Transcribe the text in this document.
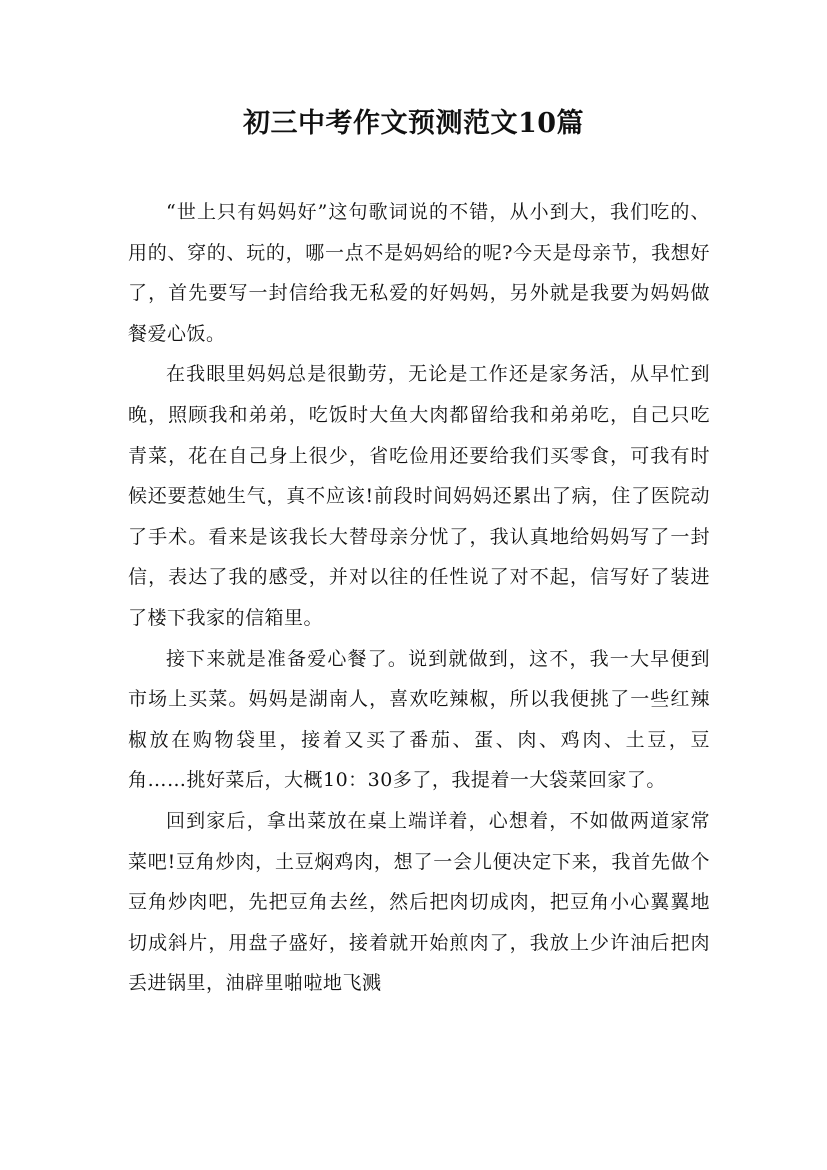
初三中考作文预测范文10篇

“世上只有妈妈好”这句歌词说的不错，从小到大，我们吃的、用的、穿的、玩的，哪一点不是妈妈给的呢?今天是母亲节，我想好了，首先要写一封信给我无私爱的好妈妈，另外就是我要为妈妈做餐爱心饭。

在我眼里妈妈总是很勤劳，无论是工作还是家务活，从早忙到晚，照顾我和弟弟，吃饭时大鱼大肉都留给我和弟弟吃，自己只吃青菜，花在自己身上很少，省吃俭用还要给我们买零食，可我有时候还要惹她生气，真不应该!前段时间妈妈还累出了病，住了医院动了手术。看来是该我长大替母亲分忧了，我认真地给妈妈写了一封信，表达了我的感受，并对以往的任性说了对不起，信写好了装进了楼下我家的信箱里。

接下来就是准备爱心餐了。说到就做到，这不，我一大早便到市场上买菜。妈妈是湖南人，喜欢吃辣椒，所以我便挑了一些红辣椒放在购物袋里，接着又买了番茄、蛋、肉、鸡肉、土豆，豆角……挑好菜后，大概10：30多了，我提着一大袋菜回家了。

回到家后，拿出菜放在桌上端详着，心想着，不如做两道家常菜吧!豆角炒肉，土豆焖鸡肉，想了一会儿便决定下来，我首先做个豆角炒肉吧，先把豆角去丝，然后把肉切成肉，把豆角小心翼翼地切成斜片，用盘子盛好，接着就开始煎肉了，我放上少许油后把肉丢进锅里，油辟里啪啦地飞溅
